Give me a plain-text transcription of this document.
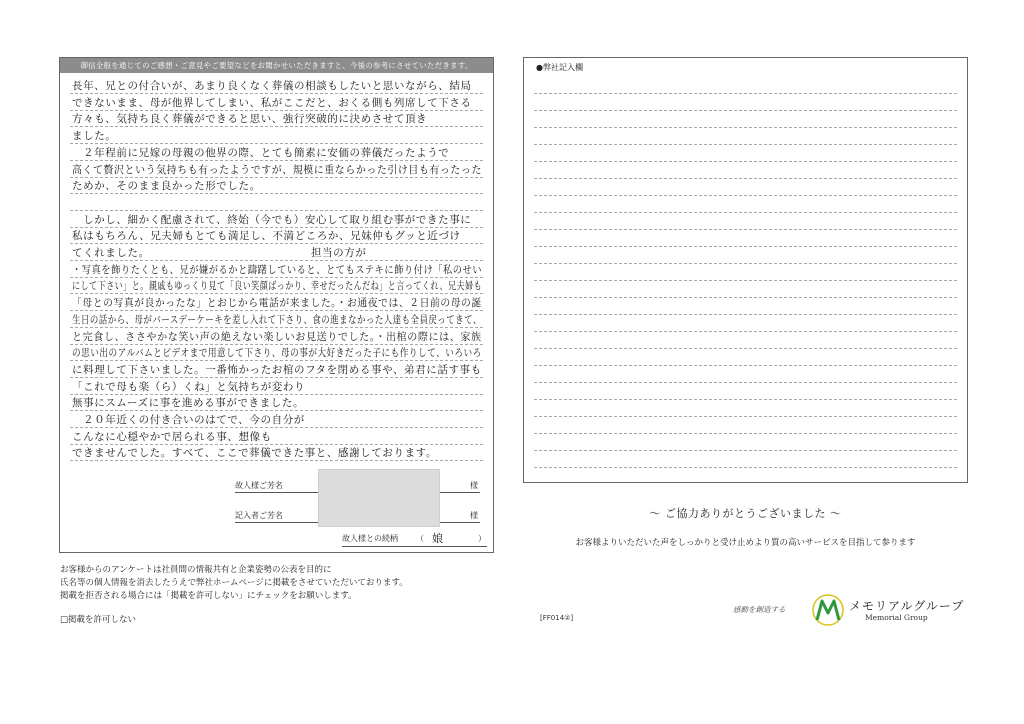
御信全般を通じてのご感想・ご意見やご要望などをお聞かせいただきますと、今後の参考にさせていただきます。
長年、兄との付合いが、あまり良くなく葬儀の相談もしたいと思いながら、結局
できないまま、母が他界してしまい、私がここだと、おくる側も列席して下さる
方々も、気持ち良く葬儀ができると思い、強行突破的に決めさせて頂き
ました。
　２年程前に兄嫁の母親の他界の際、とても簡素に安価の葬儀だったようで
高くて贅沢という気持ちも有ったようですが、規模に重ならかった引け目も有ったった
ためか、そのまま良かった形でした。
　しかし、細かく配慮されて、終始（今でも）安心して取り組む事ができた事に
私はもちろん、兄夫婦もとても満足し、不満どころか、兄妹仲もグッと近づけ
てくれました。　　　　　　　　　　　　　　　担当の方が
・写真を飾りたくとも、兄が嫌がるかと躊躇していると、とてもステキに飾り付け「私のせい
にして下さい」と。親戚もゆっくり見て「良い笑顔ばっかり、幸せだったんだね」と言ってくれ、兄夫婦も
「母との写真が良かったな」とおじから電話が来ました。・お通夜では、２日前の母の誕
生日の話から、母がバースデーケーキを差し入れて下さり、食の進まなかった人達も全員戻ってきて、
と完食し、ささやかな笑い声の絶えない楽しいお見送りでした。・出棺の際には、家族
の思い出のアルバムとビデオまで用意して下さり、母の事が大好きだった子にも作りして、いろいろ
に料理して下さいました。一番怖かったお棺のフタを閉める事や、弟君に話す事も
「これで母も楽（ら）くね」と気持ちが変わり
無事にスムーズに事を進める事ができました。
　２０年近くの付き合いのはてで、今の自分が
こんなに心穏やかで居られる事、想像も
できませんでした。すべて、ここで葬儀できた事と、感謝しております。
故人様ご芳名	様
記入者ご芳名	様
故人様との続柄 （ 娘	）
●弊社記入欄
～ ご協力ありがとうございました ～
お客様よりいただいた声をしっかりと受け止めより質の高いサービスを目指して参ります
お客様からのアンケートは社員間の情報共有と企業姿勢の公表を目的に
氏名等の個人情報を消去したうえで弊社ホームページに掲載をさせていただいております。
掲載を拒否される場合には「掲載を許可しない」にチェックをお願いします。
□掲載を許可しない	[FF014②]
感動を創造する	メモリアルグループ
Memorial Group
